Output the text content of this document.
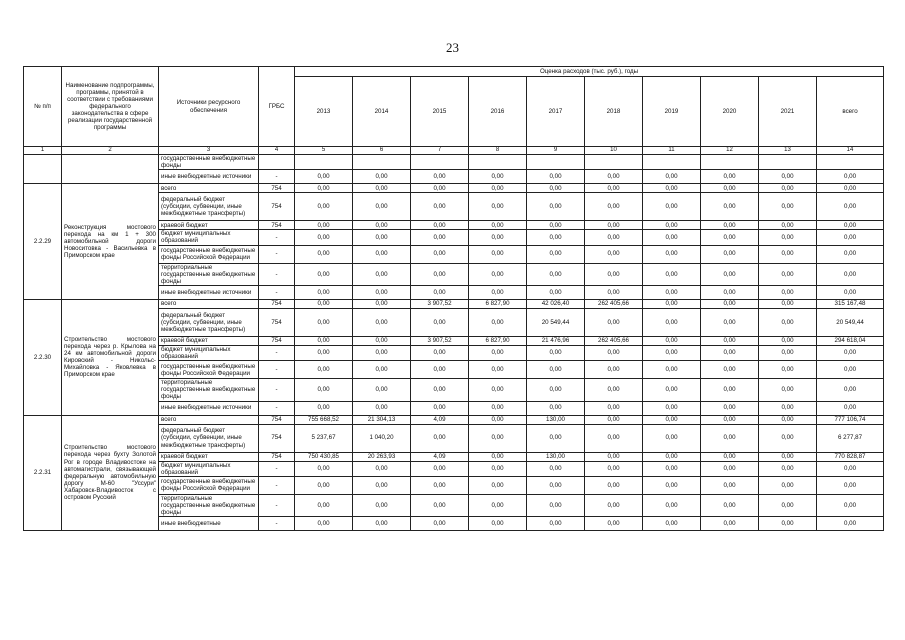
23
№ п/п	Наименование подпрограммы, программы, принятой в соответствии с требованиями федерального законодательства в сфере реализации государственной программы	Источники ресурсного обеспечения	ГРБС	Оценка расходов (тыс. руб.), годы									
				2013	2014	2015	2016	2017	2018	2019	2020	2021	всего
1	2	3	4	5	6	7	8	9	10	11	12	13	14
		государственные внебюджетные фонды											
		иные внебюджетные источники	-	0,00	0,00	0,00	0,00	0,00	0,00	0,00	0,00	0,00	0,00
2.2.29	Реконструкция мостового перехода на км 1 + 300 автомобильной дороги Новоситовка - Васильевка в Приморском крае	всего	754	0,00	0,00	0,00	0,00	0,00	0,00	0,00	0,00	0,00	0,00
		федеральный бюджет (субсидии, субвенции, иные межбюджетные трансферты)	754	0,00	0,00	0,00	0,00	0,00	0,00	0,00	0,00	0,00	0,00
		краевой бюджет	754	0,00	0,00	0,00	0,00	0,00	0,00	0,00	0,00	0,00	0,00
		бюджет муниципальных образований	-	0,00	0,00	0,00	0,00	0,00	0,00	0,00	0,00	0,00	0,00
		государственные внебюджетные фонды Российской Федерации	-	0,00	0,00	0,00	0,00	0,00	0,00	0,00	0,00	0,00	0,00
		территориальные государственные внебюджетные фонды	-	0,00	0,00	0,00	0,00	0,00	0,00	0,00	0,00	0,00	0,00
		иные внебюджетные источники	-	0,00	0,00	0,00	0,00	0,00	0,00	0,00	0,00	0,00	0,00
2.2.30	Строительство мостового перехода через р. Крылова на 24 км автомобильной дороги Кировский - Никольс-Михайловка - Яковлевка в Приморском крае	всего	754	0,00	0,00	3 907,52	6 827,90	42 026,40	262 405,66	0,00	0,00	0,00	315 167,48
		федеральный бюджет (субсидии, субвенции, иные межбюджетные трансферты)	754	0,00	0,00	0,00	0,00	20 549,44	0,00	0,00	0,00	0,00	20 549,44
		краевой бюджет	754	0,00	0,00	3 907,52	6 827,90	21 476,96	262 405,66	0,00	0,00	0,00	294 618,04
		бюджет муниципальных образований	-	0,00	0,00	0,00	0,00	0,00	0,00	0,00	0,00	0,00	0,00
		государственные внебюджетные фонды Российской Федерации	-	0,00	0,00	0,00	0,00	0,00	0,00	0,00	0,00	0,00	0,00
		территориальные государственные внебюджетные фонды	-	0,00	0,00	0,00	0,00	0,00	0,00	0,00	0,00	0,00	0,00
		иные внебюджетные источники	-	0,00	0,00	0,00	0,00	0,00	0,00	0,00	0,00	0,00	0,00
2.2.31	Строительство мостового перехода через бухту Золотой Рог в городе Владивостоке на автомагистрали, связывающей федеральную автомобильную дорогу М-60 "Уссури" Хабаровск-Владивосток с островом Русский	всего	754	755 668,52	21 304,13	4,09	0,00	130,00	0,00	0,00	0,00	0,00	777 106,74
		федеральный бюджет (субсидии, субвенции, иные межбюджетные трансферты)	754	5 237,67	1 040,20	0,00	0,00	0,00	0,00	0,00	0,00	0,00	6 277,87
		краевой бюджет	754	750 430,85	20 263,93	4,09	0,00	130,00	0,00	0,00	0,00	0,00	770 828,87
		бюджет муниципальных образований	-	0,00	0,00	0,00	0,00	0,00	0,00	0,00	0,00	0,00	0,00
		государственные внебюджетные фонды Российской Федерации	-	0,00	0,00	0,00	0,00	0,00	0,00	0,00	0,00	0,00	0,00
		территориальные государственные внебюджетные фонды	-	0,00	0,00	0,00	0,00	0,00	0,00	0,00	0,00	0,00	0,00
		иные внебюджетные	-	0,00	0,00	0,00	0,00	0,00	0,00	0,00	0,00	0,00	0,00
